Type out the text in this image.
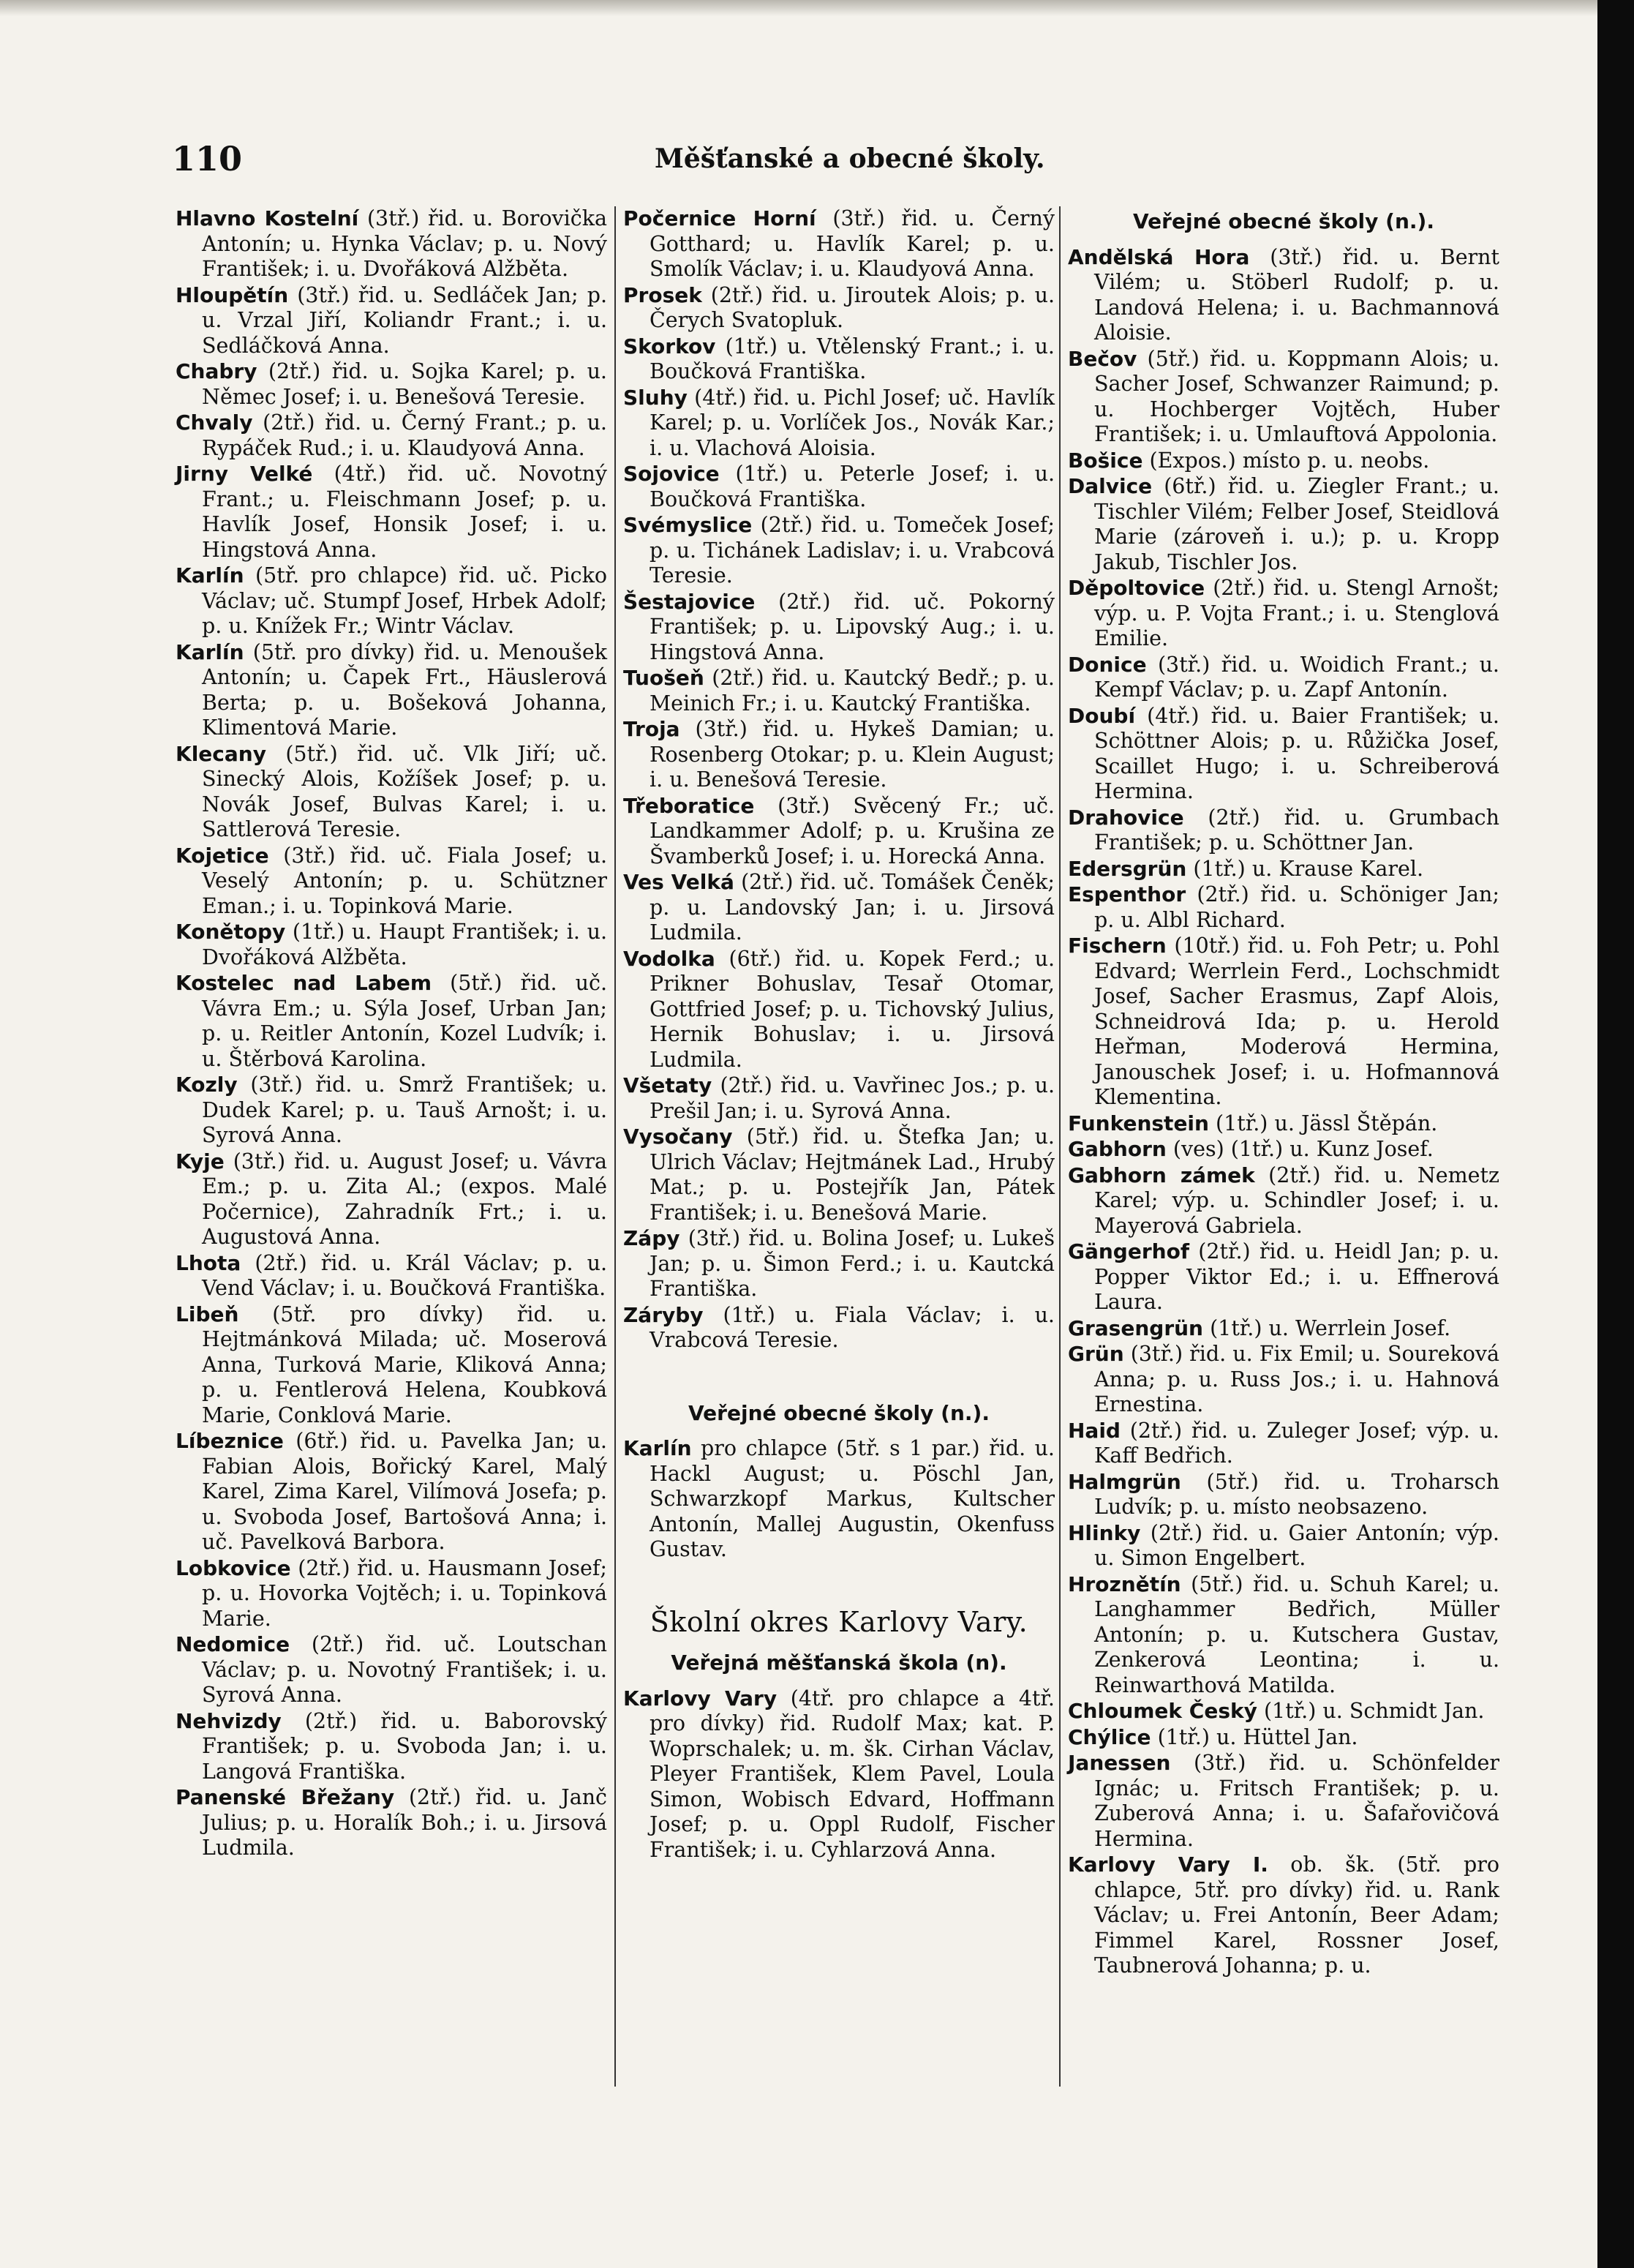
110	Měšťanské a obecné školy.

Hlavno Kostelní (3tř.) řid. u. Borovička Antonín; u. Hynka Václav; p. u. Nový František; i. u. Dvořáková Alžběta.

Hloupětín (3tř.) řid. u. Sedláček Jan; p. u. Vrzal Jiří, Koliandr Frant.; i. u. Sedláčková Anna.

Chabry (2tř.) řid. u. Sojka Karel; p. u. Němec Josef; i. u. Benešová Teresie.

Chvaly (2tř.) řid. u. Černý Frant.; p. u. Rypáček Rud.; i. u. Klaudyová Anna.

Jirny Velké (4tř.) řid. uč. Novotný Frant.; u. Fleischmann Josef; p. u. Havlík Josef, Honsik Josef; i. u. Hingstová Anna.

Karlín (5tř. pro chlapce) řid. uč. Picko Václav; uč. Stumpf Josef, Hrbek Adolf; p. u. Knížek Fr.; Wintr Václav.

Karlín (5tř. pro dívky) řid. u. Menoušek Antonín; u. Čapek Frt., Häuslerová Berta; p. u. Bošeková Johanna, Klimentová Marie.

Klecany (5tř.) řid. uč. Vlk Jiří; uč. Sinecký Alois, Kožíšek Josef; p. u. Novák Josef, Bulvas Karel; i. u. Sattlerová Teresie.

Kojetice (3tř.) řid. uč. Fiala Josef; u. Veselý Antonín; p. u. Schützner Eman.; i. u. Topinková Marie.

Konětopy (1tř.) u. Haupt František; i. u. Dvořáková Alžběta.

Kostelec nad Labem (5tř.) řid. uč. Vávra Em.; u. Sýla Josef, Urban Jan; p. u. Reitler Antonín, Kozel Ludvík; i. u. Štěrbová Karolina.

Kozly (3tř.) řid. u. Smrž František; u. Dudek Karel; p. u. Tauš Arnošt; i. u. Syrová Anna.

Kyje (3tř.) řid. u. August Josef; u. Vávra Em.; p. u. Zita Al.; (expos. Malé Počernice), Zahradník Frt.; i. u. Augustová Anna.

Lhota (2tř.) řid. u. Král Václav; p. u. Vend Václav; i. u. Boučková Františka.

Libeň (5tř. pro dívky) řid. u. Hejtmánková Milada; uč. Moserová Anna, Turková Marie, Kliková Anna; p. u. Fentlerová Helena, Koubková Marie, Conklová Marie.

Líbeznice (6tř.) řid. u. Pavelka Jan; u. Fabian Alois, Bořický Karel, Malý Karel, Zima Karel, Vilímová Josefa; p. u. Svoboda Josef, Bartošová Anna; i. uč. Pavelková Barbora.

Lobkovice (2tř.) řid. u. Hausmann Josef; p. u. Hovorka Vojtěch; i. u. Topinková Marie.

Nedomice (2tř.) řid. uč. Loutschan Václav; p. u. Novotný František; i. u. Syrová Anna.

Nehvizdy (2tř.) řid. u. Baborovský František; p. u. Svoboda Jan; i. u. Langová Františka.

Panenské Břežany (2tř.) řid. u. Janč Julius; p. u. Horalík Boh.; i. u. Jirsová Ludmila.

Počernice Horní (3tř.) řid. u. Černý Gotthard; u. Havlík Karel; p. u. Smolík Václav; i. u. Klaudyová Anna.

Prosek (2tř.) řid. u. Jiroutek Alois; p. u. Čerych Svatopluk.

Skorkov (1tř.) u. Vtělenský Frant.; i. u. Boučková Františka.

Sluhy (4tř.) řid. u. Pichl Josef; uč. Havlík Karel; p. u. Vorlíček Jos., Novák Kar.; i. u. Vlachová Aloisia.

Sojovice (1tř.) u. Peterle Josef; i. u. Boučková Františka.

Svémyslice (2tř.) řid. u. Tomeček Josef; p. u. Tichánek Ladislav; i. u. Vrabcová Teresie.

Šestajovice (2tř.) řid. uč. Pokorný František; p. u. Lipovský Aug.; i. u. Hingstová Anna.

Tuošeň (2tř.) řid. u. Kautcký Bedř.; p. u. Meinich Fr.; i. u. Kautcký Františka.

Troja (3tř.) řid. u. Hykeš Damian; u. Rosenberg Otokar; p. u. Klein August; i. u. Benešová Teresie.

Třeboratice (3tř.) Svěcený Fr.; uč. Landkammer Adolf; p. u. Krušina ze Švamberků Josef; i. u. Horecká Anna.

Ves Velká (2tř.) řid. uč. Tomášek Čeněk; p. u. Landovský Jan; i. u. Jirsová Ludmila.

Vodolka (6tř.) řid. u. Kopek Ferd.; u. Prikner Bohuslav, Tesař Otomar, Gottfried Josef; p. u. Tichovský Julius, Hernik Bohuslav; i. u. Jirsová Ludmila.

Všetaty (2tř.) řid. u. Vavřinec Jos.; p. u. Prešil Jan; i. u. Syrová Anna.

Vysočany (5tř.) řid. u. Štefka Jan; u. Ulrich Václav; Hejtmánek Lad., Hrubý Mat.; p. u. Postejřík Jan, Pátek František; i. u. Benešová Marie.

Zápy (3tř.) řid. u. Bolina Josef; u. Lukeš Jan; p. u. Šimon Ferd.; i. u. Kautcká Františka.

Záryby (1tř.) u. Fiala Václav; i. u. Vrabcová Teresie.

Veřejné obecné školy (n.).

Karlín pro chlapce (5tř. s 1 par.) řid. u. Hackl August; u. Pöschl Jan, Schwarzkopf Markus, Kultscher Antonín, Mallej Augustin, Okenfuss Gustav.

Školní okres Karlovy Vary.
Veřejná měšťanská škola (n).

Karlovy Vary (4tř. pro chlapce a 4tř. pro dívky) řid. Rudolf Max; kat. P. Woprschalek; u. m. šk. Cirhan Václav, Pleyer František, Klem Pavel, Loula Simon, Wobisch Edvard, Hoffmann Josef; p. u. Oppl Rudolf, Fischer František; i. u. Cyhlarzová Anna.

Veřejné obecné školy (n.).

Andělská Hora (3tř.) řid. u. Bernt Vilém; u. Stöberl Rudolf; p. u. Landová Helena; i. u. Bachmannová Aloisie.

Bečov (5tř.) řid. u. Koppmann Alois; u. Sacher Josef, Schwanzer Raimund; p. u. Hochberger Vojtěch, Huber František; i. u. Umlauftová Appolonia.

Bošice (Expos.) místo p. u. neobs.

Dalvice (6tř.) řid. u. Ziegler Frant.; u. Tischler Vilém; Felber Josef, Steidlová Marie (zároveň i. u.); p. u. Kropp Jakub, Tischler Jos.

Děpoltovice (2tř.) řid. u. Stengl Arnošt; výp. u. P. Vojta Frant.; i. u. Stenglová Emilie.

Donice (3tř.) řid. u. Woidich Frant.; u. Kempf Václav; p. u. Zapf Antonín.

Doubí (4tř.) řid. u. Baier František; u. Schöttner Alois; p. u. Růžička Josef, Scaillet Hugo; i. u. Schreiberová Hermina.

Drahovice (2tř.) řid. u. Grumbach František; p. u. Schöttner Jan.

Edersgrün (1tř.) u. Krause Karel.

Espenthor (2tř.) řid. u. Schöniger Jan; p. u. Albl Richard.

Fischern (10tř.) řid. u. Foh Petr; u. Pohl Edvard; Werrlein Ferd., Lochschmidt Josef, Sacher Erasmus, Zapf Alois, Schneidrová Ida; p. u. Herold Heřman, Moderová Hermina, Janouschek Josef; i. u. Hofmannová Klementina.

Funkenstein (1tř.) u. Jässl Štěpán.

Gabhorn (ves) (1tř.) u. Kunz Josef.

Gabhorn zámek (2tř.) řid. u. Nemetz Karel; výp. u. Schindler Josef; i. u. Mayerová Gabriela.

Gängerhof (2tř.) řid. u. Heidl Jan; p. u. Popper Viktor Ed.; i. u. Effnerová Laura.

Grasengrün (1tř.) u. Werrlein Josef.

Grün (3tř.) řid. u. Fix Emil; u. Soureková Anna; p. u. Russ Jos.; i. u. Hahnová Ernestina.

Haid (2tř.) řid. u. Zuleger Josef; výp. u. Kaff Bedřich.

Halmgrün (5tř.) řid. u. Troharsch Ludvík; p. u. místo neobsazeno.

Hlinky (2tř.) řid. u. Gaier Antonín; výp. u. Simon Engelbert.

Hroznětín (5tř.) řid. u. Schuh Karel; u. Langhammer Bedřich, Müller Antonín; p. u. Kutschera Gustav, Zenkerová Leontina; i. u. Reinwarthová Matilda.

Chloumek Český (1tř.) u. Schmidt Jan.

Chýlice (1tř.) u. Hüttel Jan.

Janessen (3tř.) řid. u. Schönfelder Ignác; u. Fritsch František; p. u. Zuberová Anna; i. u. Šafařovičová Hermina.

Karlovy Vary I. ob. šk. (5tř. pro chlapce, 5tř. pro dívky) řid. u. Rank Václav; u. Frei Antonín, Beer Adam; Fimmel Karel, Rossner Josef, Taubnerová Johanna; p. u.
